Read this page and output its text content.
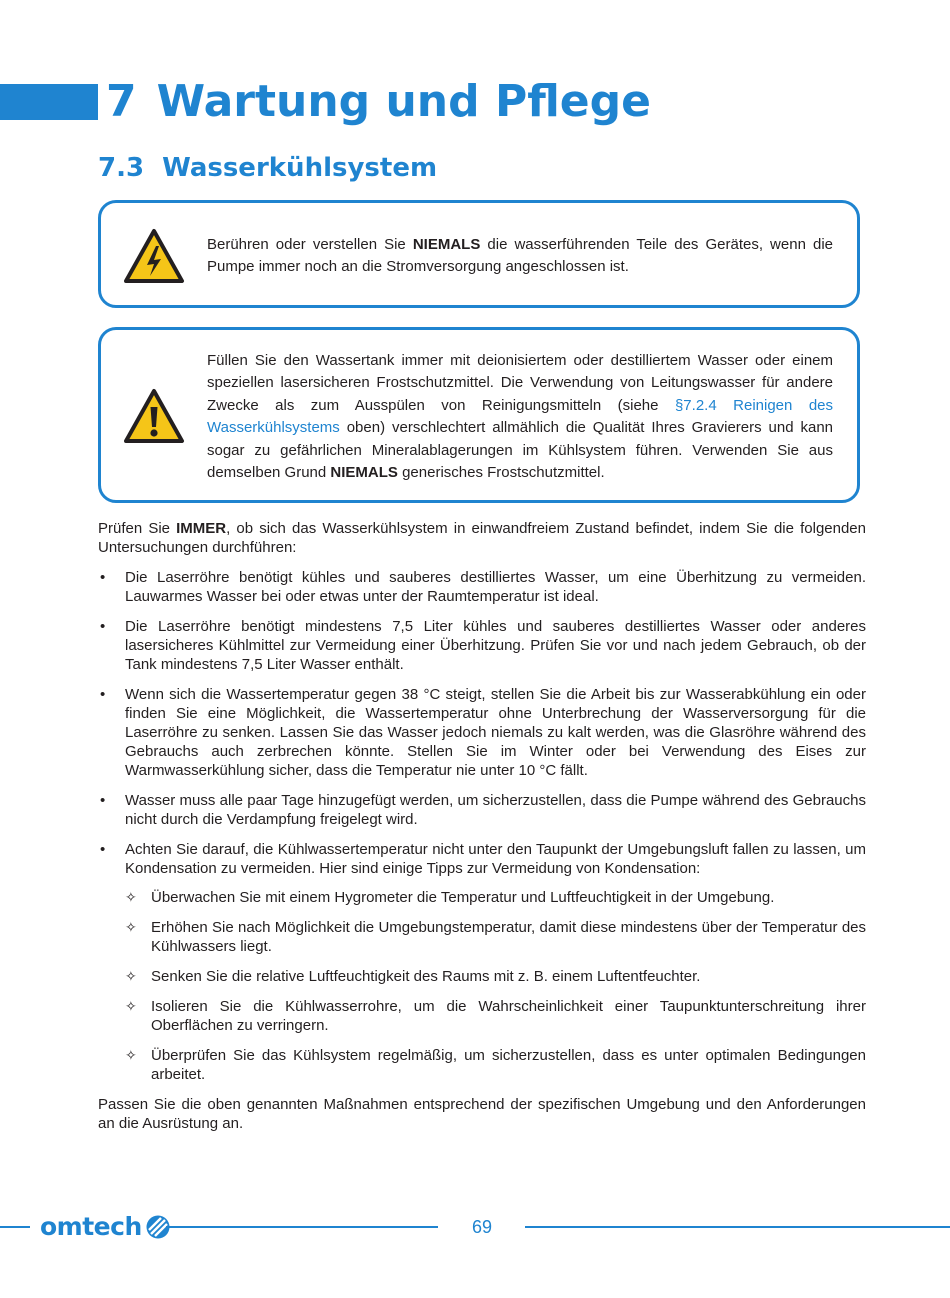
7 Wartung und Pflege
7.3 Wasserkühlsystem
Berühren oder verstellen Sie NIEMALS die wasserführenden Teile des Gerätes, wenn die Pumpe immer noch an die Stromversorgung angeschlossen ist.
Füllen Sie den Wassertank immer mit deionisiertem oder destilliertem Wasser oder einem speziellen lasersicheren Frostschutzmittel. Die Verwendung von Leitungswasser für andere Zwecke als zum Ausspülen von Reinigungsmitteln (siehe §7.2.4 Reinigen des Wasserkühlsystems oben) verschlechtert allmählich die Qualität Ihres Gravierers und kann sogar zu gefährlichen Mineralablagerungen im Kühlsystem führen. Verwenden Sie aus demselben Grund NIEMALS generisches Frostschutzmittel.

Prüfen Sie IMMER, ob sich das Wasserkühlsystem in einwandfreiem Zustand befindet, indem Sie die folgenden Untersuchungen durchführen:

• Die Laserröhre benötigt kühles und sauberes destilliertes Wasser, um eine Überhitzung zu vermeiden. Lauwarmes Wasser bei oder etwas unter der Raumtemperatur ist ideal.
• Die Laserröhre benötigt mindestens 7,5 Liter kühles und sauberes destilliertes Wasser oder anderes lasersicheres Kühlmittel zur Vermeidung einer Überhitzung. Prüfen Sie vor und nach jedem Gebrauch, ob der Tank mindestens 7,5 Liter Wasser enthält.
• Wenn sich die Wassertemperatur gegen 38 °C steigt, stellen Sie die Arbeit bis zur Wasserabkühlung ein oder finden Sie eine Möglichkeit, die Wassertemperatur ohne Unterbrechung der Wasserversorgung für die Laserröhre zu senken. Lassen Sie das Wasser jedoch niemals zu kalt werden, was die Glasröhre während des Gebrauchs auch zerbrechen könnte. Stellen Sie im Winter oder bei Verwendung des Eises zur Warmwasserkühlung sicher, dass die Temperatur nie unter 10 °C fällt.
• Wasser muss alle paar Tage hinzugefügt werden, um sicherzustellen, dass die Pumpe während des Gebrauchs nicht durch die Verdampfung freigelegt wird.
• Achten Sie darauf, die Kühlwassertemperatur nicht unter den Taupunkt der Umgebungsluft fallen zu lassen, um Kondensation zu vermeiden. Hier sind einige Tipps zur Vermeidung von Kondensation:
✧ Überwachen Sie mit einem Hygrometer die Temperatur und Luftfeuchtigkeit in der Umgebung.
✧ Erhöhen Sie nach Möglichkeit die Umgebungstemperatur, damit diese mindestens über der Temperatur des Kühlwassers liegt.
✧ Senken Sie die relative Luftfeuchtigkeit des Raums mit z. B. einem Luftentfeuchter.
✧ Isolieren Sie die Kühlwasserrohre, um die Wahrscheinlichkeit einer Taupunktunterschreitung ihrer Oberflächen zu verringern.
✧ Überprüfen Sie das Kühlsystem regelmäßig, um sicherzustellen, dass es unter optimalen Bedingungen arbeitet.

Passen Sie die oben genannten Maßnahmen entsprechend der spezifischen Umgebung und den Anforderungen an die Ausrüstung an.

omtech	69
